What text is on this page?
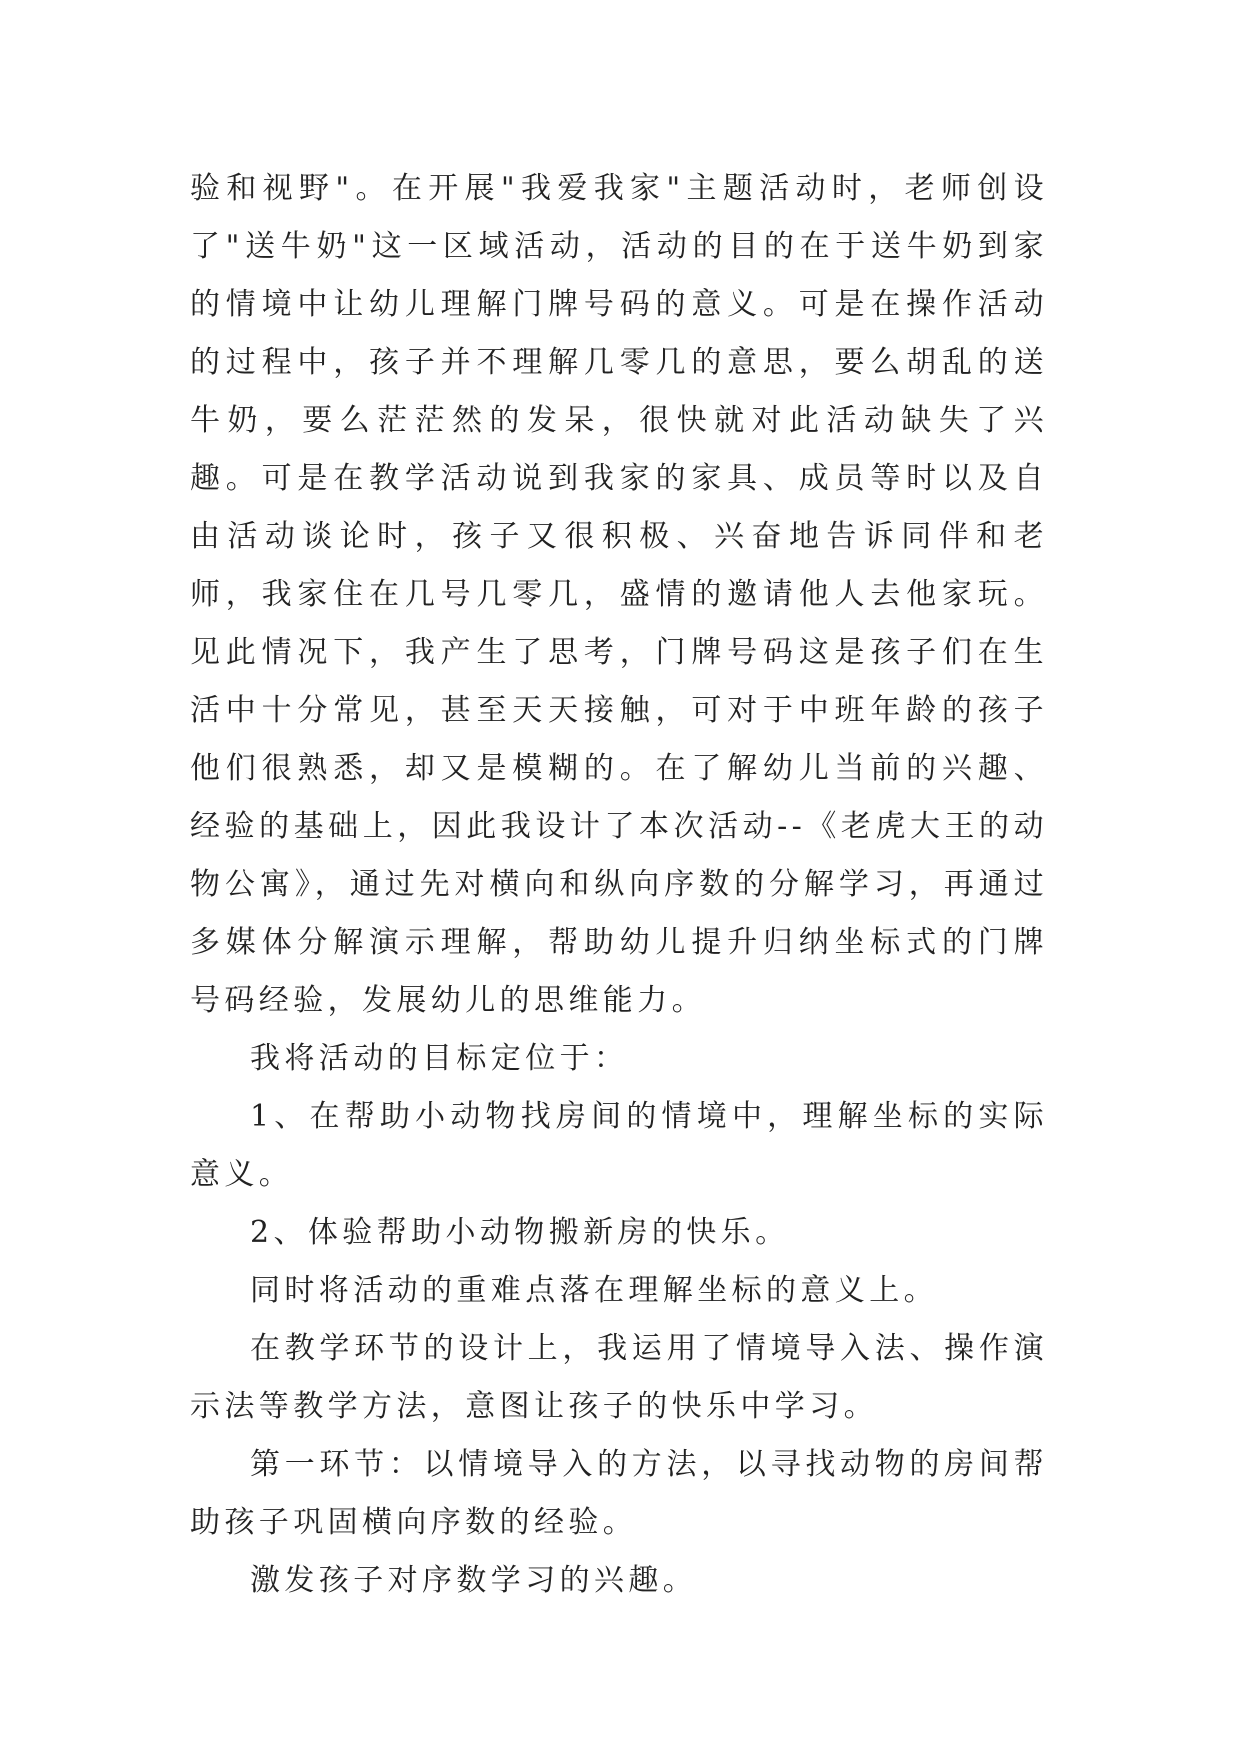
验和视野"。在开展"我爱我家"主题活动时，老师创设了"送牛奶"这一区域活动，活动的目的在于送牛奶到家的情境中让幼儿理解门牌号码的意义。可是在操作活动的过程中，孩子并不理解几零几的意思，要么胡乱的送牛奶，要么茫茫然的发呆，很快就对此活动缺失了兴趣。可是在教学活动说到我家的家具、成员等时以及自由活动谈论时，孩子又很积极、兴奋地告诉同伴和老师，我家住在几号几零几，盛情的邀请他人去他家玩。见此情况下，我产生了思考，门牌号码这是孩子们在生活中十分常见，甚至天天接触，可对于中班年龄的孩子他们很熟悉，却又是模糊的。在了解幼儿当前的兴趣、经验的基础上，因此我设计了本次活动--《老虎大王的动物公寓》，通过先对横向和纵向序数的分解学习，再通过多媒体分解演示理解，帮助幼儿提升归纳坐标式的门牌号码经验，发展幼儿的思维能力。

我将活动的目标定位于：

1、在帮助小动物找房间的情境中，理解坐标的实际意义。

2、体验帮助小动物搬新房的快乐。

同时将活动的重难点落在理解坐标的意义上。

在教学环节的设计上，我运用了情境导入法、操作演示法等教学方法，意图让孩子的快乐中学习。

第一环节：以情境导入的方法，以寻找动物的房间帮助孩子巩固横向序数的经验。

激发孩子对序数学习的兴趣。
